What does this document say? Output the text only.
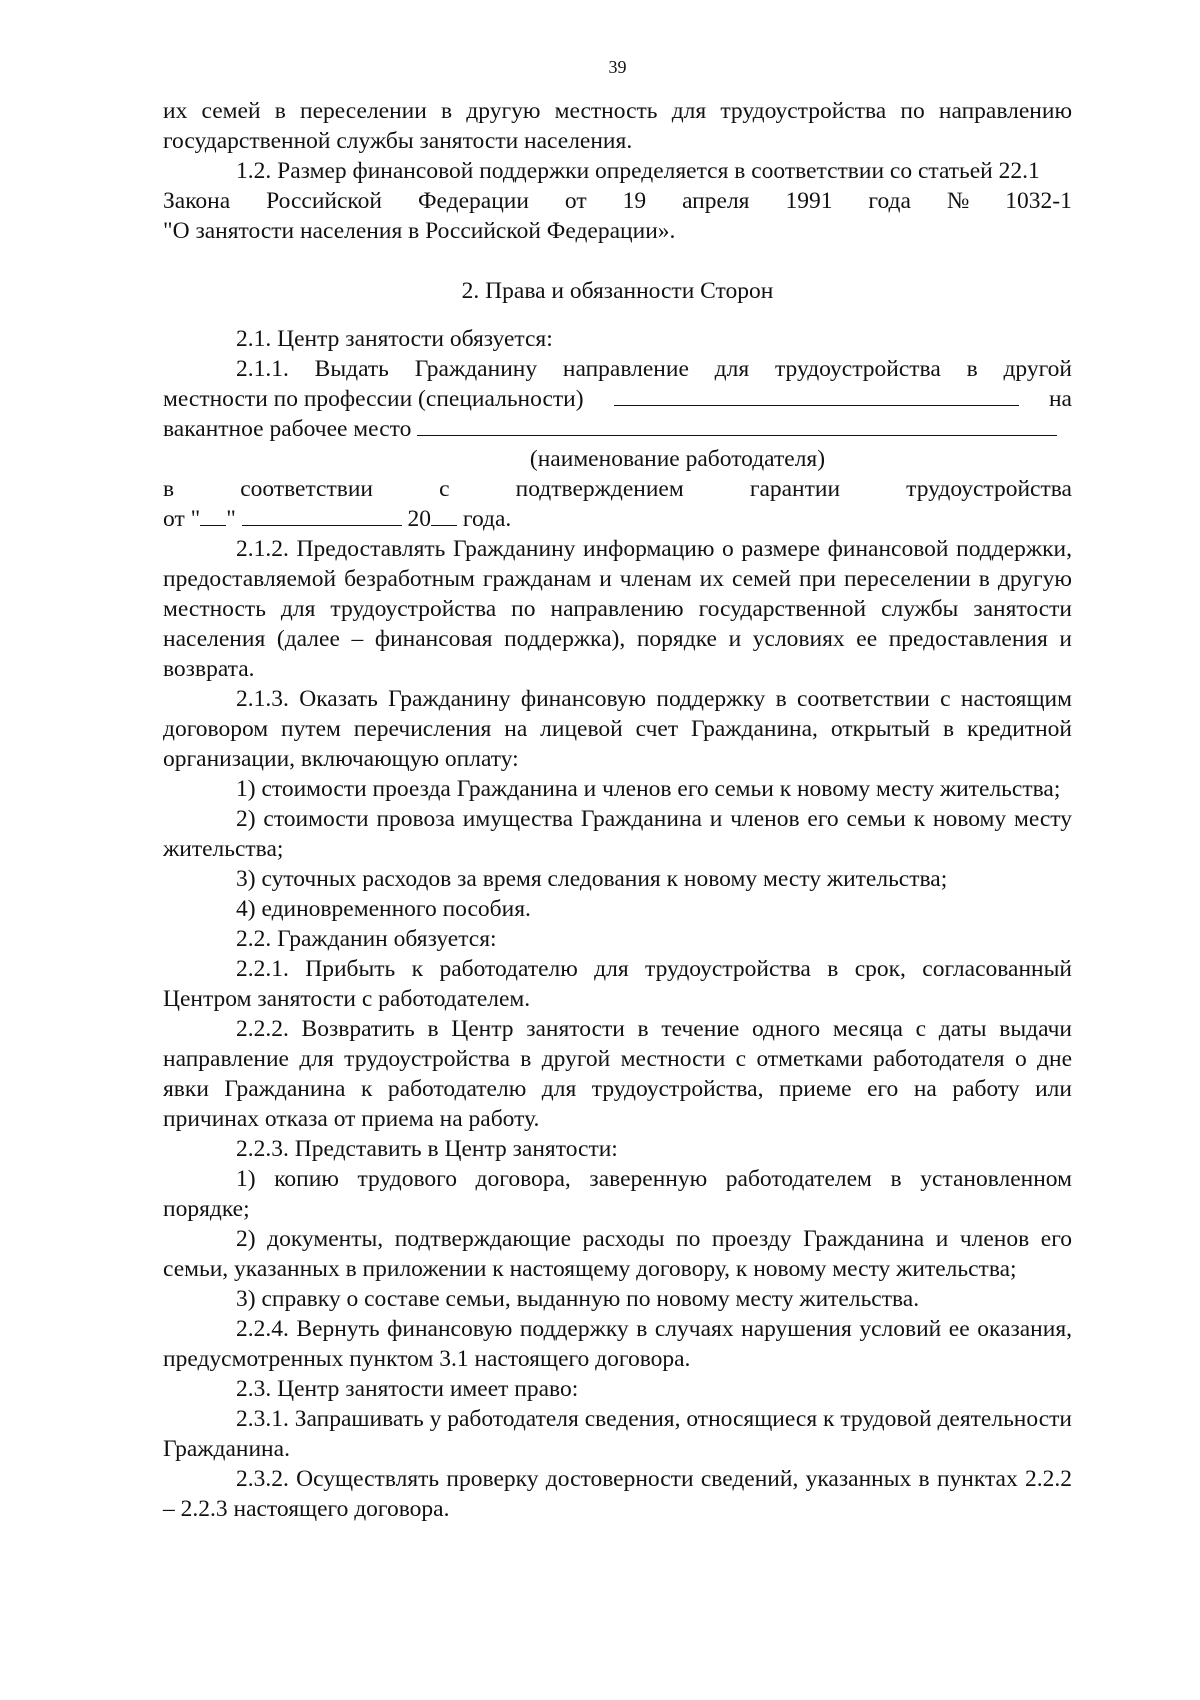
39

их семей в переселении в другую местность для трудоустройства по направлению государственной службы занятости населения.

1.2. Размер финансовой поддержки определяется в соответствии со статьей 22.1

Закона Российской Федерации от 19 апреля 1991 года № 1032-1

"О занятости населения в Российской Федерации».

2. Права и обязанности Сторон

2.1. Центр занятости обязуется:

2.1.1. Выдать Гражданину направление для трудоустройства в другой

местности по профессии (специальности)	на
вакантное рабочее место

(наименование работодателя)

в	соответствии	с	подтверждением	гарантии	трудоустройства
от " "	20 года.

2.1.2. Предоставлять Гражданину информацию о размере финансовой поддержки, предоставляемой безработным гражданам и членам их семей при переселении в другую местность для трудоустройства по направлению государственной службы занятости населения (далее – финансовая поддержка), порядке и условиях ее предоставления и возврата.

2.1.3. Оказать Гражданину финансовую поддержку в соответствии с настоящим договором путем перечисления на лицевой счет Гражданина, открытый в кредитной организации, включающую оплату:

1) стоимости проезда Гражданина и членов его семьи к новому месту жительства;

2) стоимости провоза имущества Гражданина и членов его семьи к новому месту жительства;

3) суточных расходов за время следования к новому месту жительства;

4) единовременного пособия.

2.2. Гражданин обязуется:

2.2.1. Прибыть к работодателю для трудоустройства в срок, согласованный Центром занятости с работодателем.

2.2.2. Возвратить в Центр занятости в течение одного месяца с даты выдачи направление для трудоустройства в другой местности с отметками работодателя о дне явки Гражданина к работодателю для трудоустройства, приеме его на работу или причинах отказа от приема на работу.

2.2.3. Представить в Центр занятости:

1) копию трудового договора, заверенную работодателем в установленном порядке;

2) документы, подтверждающие расходы по проезду Гражданина и членов его семьи, указанных в приложении к настоящему договору, к новому месту жительства;

3) справку о составе семьи, выданную по новому месту жительства.

2.2.4. Вернуть финансовую поддержку в случаях нарушения условий ее оказания, предусмотренных пунктом 3.1 настоящего договора.

2.3. Центр занятости имеет право:

2.3.1. Запрашивать у работодателя сведения, относящиеся к трудовой деятельности Гражданина.

2.3.2. Осуществлять проверку достоверности сведений, указанных в пунктах 2.2.2 – 2.2.3 настоящего договора.
